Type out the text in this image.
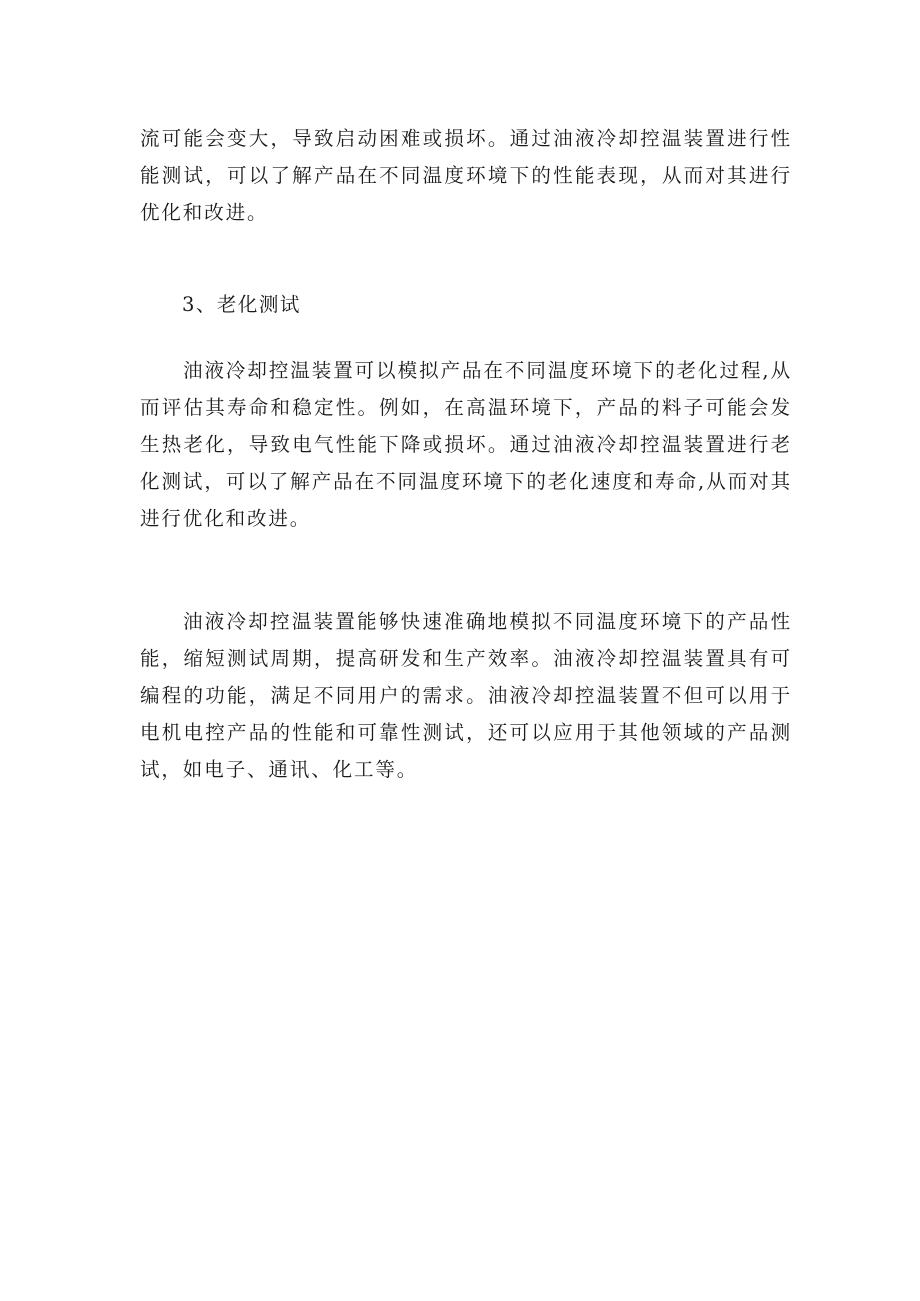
流可能会变大，导致启动困难或损坏。通过油液冷却控温装置进行性能测试，可以了解产品在不同温度环境下的性能表现，从而对其进行优化和改进。

3、老化测试

油液冷却控温装置可以模拟产品在不同温度环境下的老化过程,从而评估其寿命和稳定性。例如，在高温环境下，产品的料子可能会发生热老化，导致电气性能下降或损坏。通过油液冷却控温装置进行老化测试，可以了解产品在不同温度环境下的老化速度和寿命,从而对其进行优化和改进。

油液冷却控温装置能够快速准确地模拟不同温度环境下的产品性能，缩短测试周期，提高研发和生产效率。油液冷却控温装置具有可编程的功能，满足不同用户的需求。油液冷却控温装置不但可以用于电机电控产品的性能和可靠性测试，还可以应用于其他领域的产品测试，如电子、通讯、化工等。
